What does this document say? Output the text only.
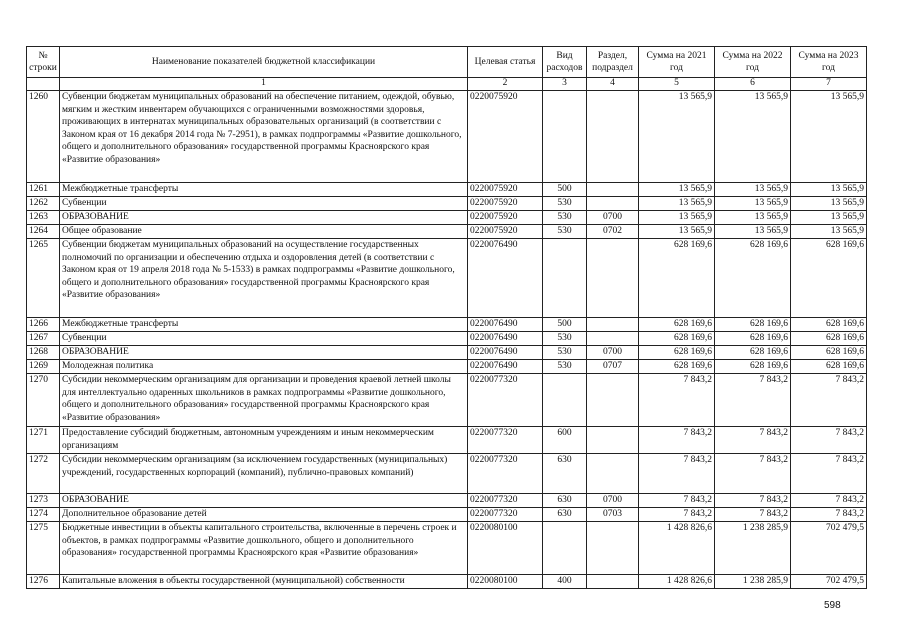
№ строки	Наименование показателей бюджетной классификации	Целевая статья	Вид расходов	Раздел, подраздел	Сумма на 2021 год	Сумма на 2022 год	Сумма на 2023 год
	1	2	3	4	5	6	7
1260	Субвенции бюджетам муниципальных образований на обеспечение питанием, одеждой, обувью, мягким и жестким инвентарем обучающихся с ограниченными возможностями здоровья, проживающих в интернатах муниципальных образовательных организаций (в соответствии с Законом края от 16 декабря 2014 года № 7-2951), в рамках подпрограммы «Развитие дошкольного, общего и дополнительного образования» государственной программы Красноярского края «Развитие образования»	0220075920			13 565,9	13 565,9	13 565,9
1261	Межбюджетные трансферты	0220075920	500		13 565,9	13 565,9	13 565,9
1262	Субвенции	0220075920	530		13 565,9	13 565,9	13 565,9
1263	ОБРАЗОВАНИЕ	0220075920	530	0700	13 565,9	13 565,9	13 565,9
1264	Общее образование	0220075920	530	0702	13 565,9	13 565,9	13 565,9
1265	Субвенции бюджетам муниципальных образований на осуществление государственных полномочий по организации и обеспечению отдыха и оздоровления детей (в соответствии с Законом края от 19 апреля 2018 года № 5-1533) в рамках подпрограммы «Развитие дошкольного, общего и дополнительного образования» государственной программы Красноярского края «Развитие образования»	0220076490			628 169,6	628 169,6	628 169,6
1266	Межбюджетные трансферты	0220076490	500		628 169,6	628 169,6	628 169,6
1267	Субвенции	0220076490	530		628 169,6	628 169,6	628 169,6
1268	ОБРАЗОВАНИЕ	0220076490	530	0700	628 169,6	628 169,6	628 169,6
1269	Молодежная политика	0220076490	530	0707	628 169,6	628 169,6	628 169,6
1270	Субсидии некоммерческим организациям для организации и проведения краевой летней школы для интеллектуально одаренных школьников в рамках подпрограммы «Развитие дошкольного, общего и дополнительного образования» государственной программы Красноярского края «Развитие образования»	0220077320			7 843,2	7 843,2	7 843,2
1271	Предоставление субсидий бюджетным, автономным учреждениям и иным некоммерческим организациям	0220077320	600		7 843,2	7 843,2	7 843,2
1272	Субсидии некоммерческим организациям (за исключением государственных (муниципальных) учреждений, государственных корпораций (компаний), публично-правовых компаний)	0220077320	630		7 843,2	7 843,2	7 843,2
1273	ОБРАЗОВАНИЕ	0220077320	630	0700	7 843,2	7 843,2	7 843,2
1274	Дополнительное образование детей	0220077320	630	0703	7 843,2	7 843,2	7 843,2
1275	Бюджетные инвестиции в объекты капитального строительства, включенные в перечень строек и объектов, в рамках подпрограммы «Развитие дошкольного, общего и дополнительного образования» государственной программы Красноярского края «Развитие образования»	0220080100			1 428 826,6	1 238 285,9	702 479,5
1276	Капитальные вложения в объекты государственной (муниципальной) собственности	0220080100	400		1 428 826,6	1 238 285,9	702 479,5
598
